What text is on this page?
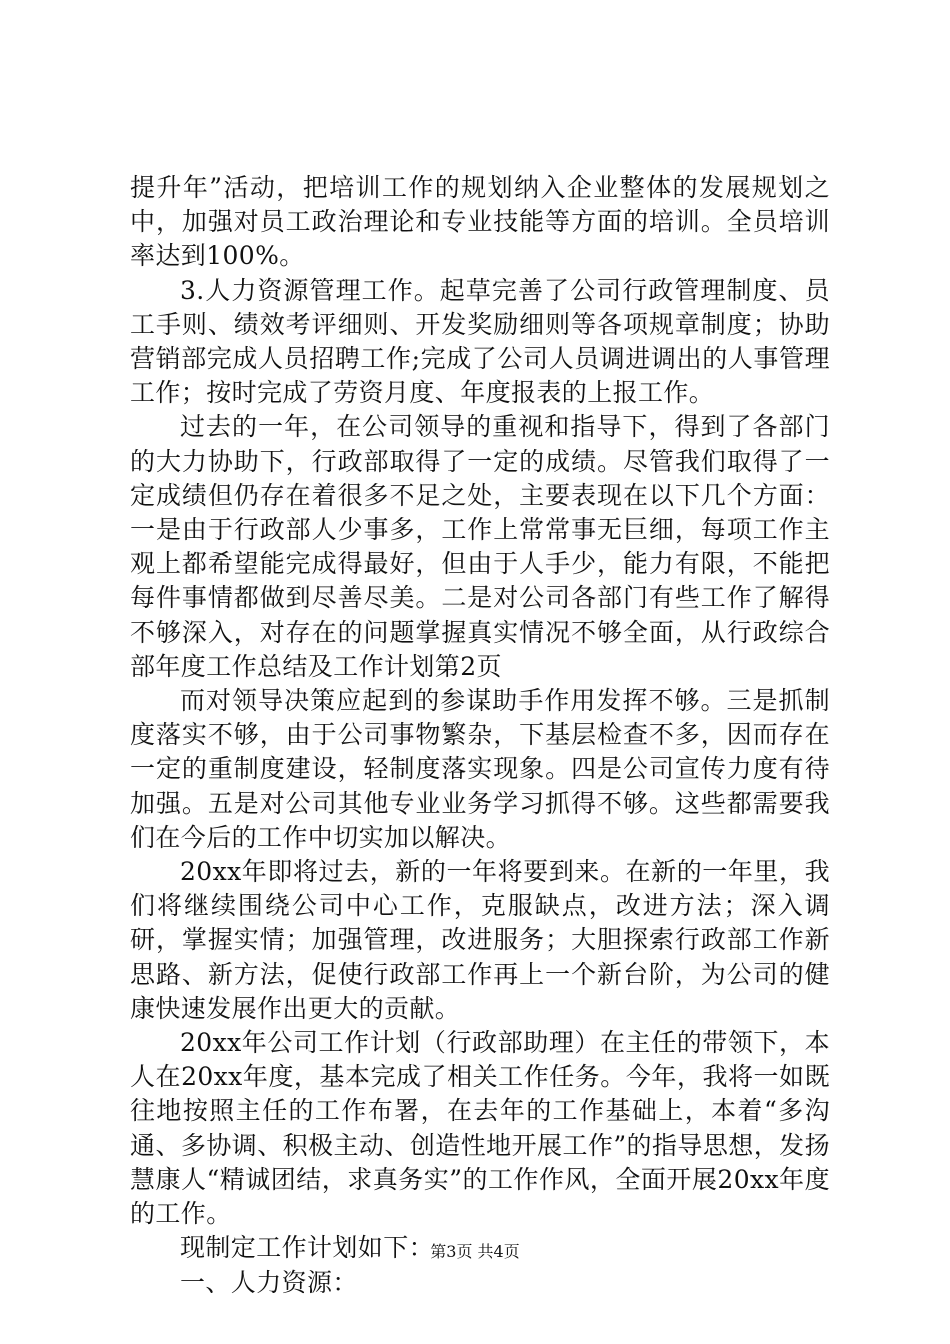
提升年”活动，把培训工作的规划纳入企业整体的发展规划之中，加强对员工政治理论和专业技能等方面的培训。全员培训率达到100%。

3.人力资源管理工作。起草完善了公司行政管理制度、员工手则、绩效考评细则、开发奖励细则等各项规章制度；协助营销部完成人员招聘工作;完成了公司人员调进调出的人事管理工作；按时完成了劳资月度、年度报表的上报工作。

过去的一年，在公司领导的重视和指导下，得到了各部门的大力协助下，行政部取得了一定的成绩。尽管我们取得了一定成绩但仍存在着很多不足之处，主要表现在以下几个方面：一是由于行政部人少事多，工作上常常事无巨细，每项工作主观上都希望能完成得最好，但由于人手少，能力有限，不能把每件事情都做到尽善尽美。二是对公司各部门有些工作了解得不够深入，对存在的问题掌握真实情况不够全面，从行政综合部年度工作总结及工作计划第2页

而对领导决策应起到的参谋助手作用发挥不够。三是抓制度落实不够，由于公司事物繁杂，下基层检查不多，因而存在一定的重制度建设，轻制度落实现象。四是公司宣传力度有待加强。五是对公司其他专业业务学习抓得不够。这些都需要我们在今后的工作中切实加以解决。

20xx年即将过去，新的一年将要到来。在新的一年里，我们将继续围绕公司中心工作，克服缺点，改进方法；深入调研，掌握实情；加强管理，改进服务；大胆探索行政部工作新思路、新方法，促使行政部工作再上一个新台阶，为公司的健康快速发展作出更大的贡献。

20xx年公司工作计划（行政部助理）在主任的带领下，本人在20xx年度，基本完成了相关工作任务。今年，我将一如既往地按照主任的工作布署，在去年的工作基础上，本着“多沟通、多协调、积极主动、创造性地开展工作”的指导思想，发扬慧康人“精诚团结，求真务实”的工作作风，全面开展20xx年度的工作。

现制定工作计划如下：

一、人力资源：

第3页 共4页
